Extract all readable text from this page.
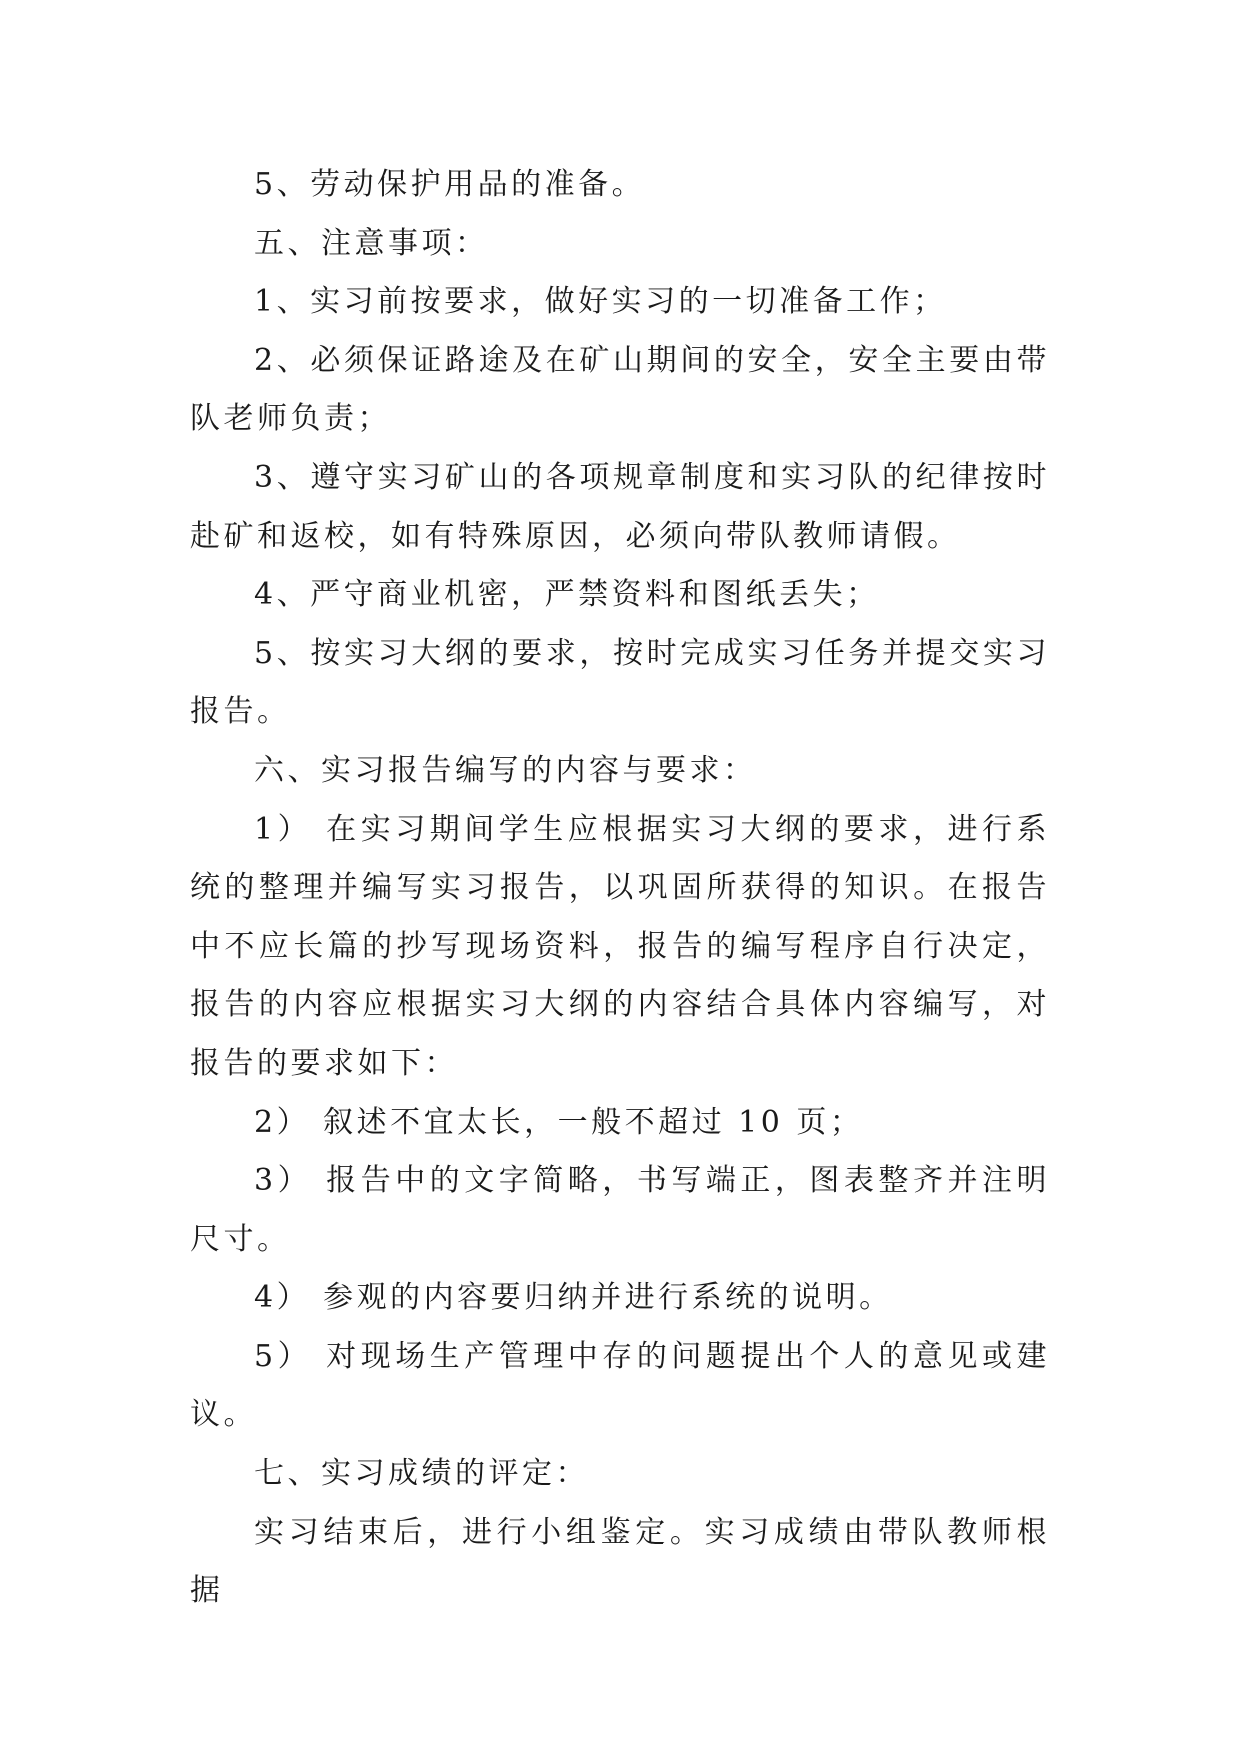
5、劳动保护用品的准备。

五、注意事项：

1、实习前按要求，做好实习的一切准备工作；

2、必须保证路途及在矿山期间的安全，安全主要由带队老师负责；

3、遵守实习矿山的各项规章制度和实习队的纪律按时赴矿和返校，如有特殊原因，必须向带队教师请假。

4、严守商业机密，严禁资料和图纸丢失；

5、按实习大纲的要求，按时完成实习任务并提交实习报告。

六、实习报告编写的内容与要求：

1） 在实习期间学生应根据实习大纲的要求，进行系统的整理并编写实习报告，以巩固所获得的知识。在报告中不应长篇的抄写现场资料，报告的编写程序自行决定，报告的内容应根据实习大纲的内容结合具体内容编写，对报告的要求如下：

2） 叙述不宜太长，一般不超过 10 页；

3） 报告中的文字简略，书写端正，图表整齐并注明尺寸。

4） 参观的内容要归纳并进行系统的说明。

5） 对现场生产管理中存的问题提出个人的意见或建议。

七、实习成绩的评定：

实习结束后，进行小组鉴定。实习成绩由带队教师根据
